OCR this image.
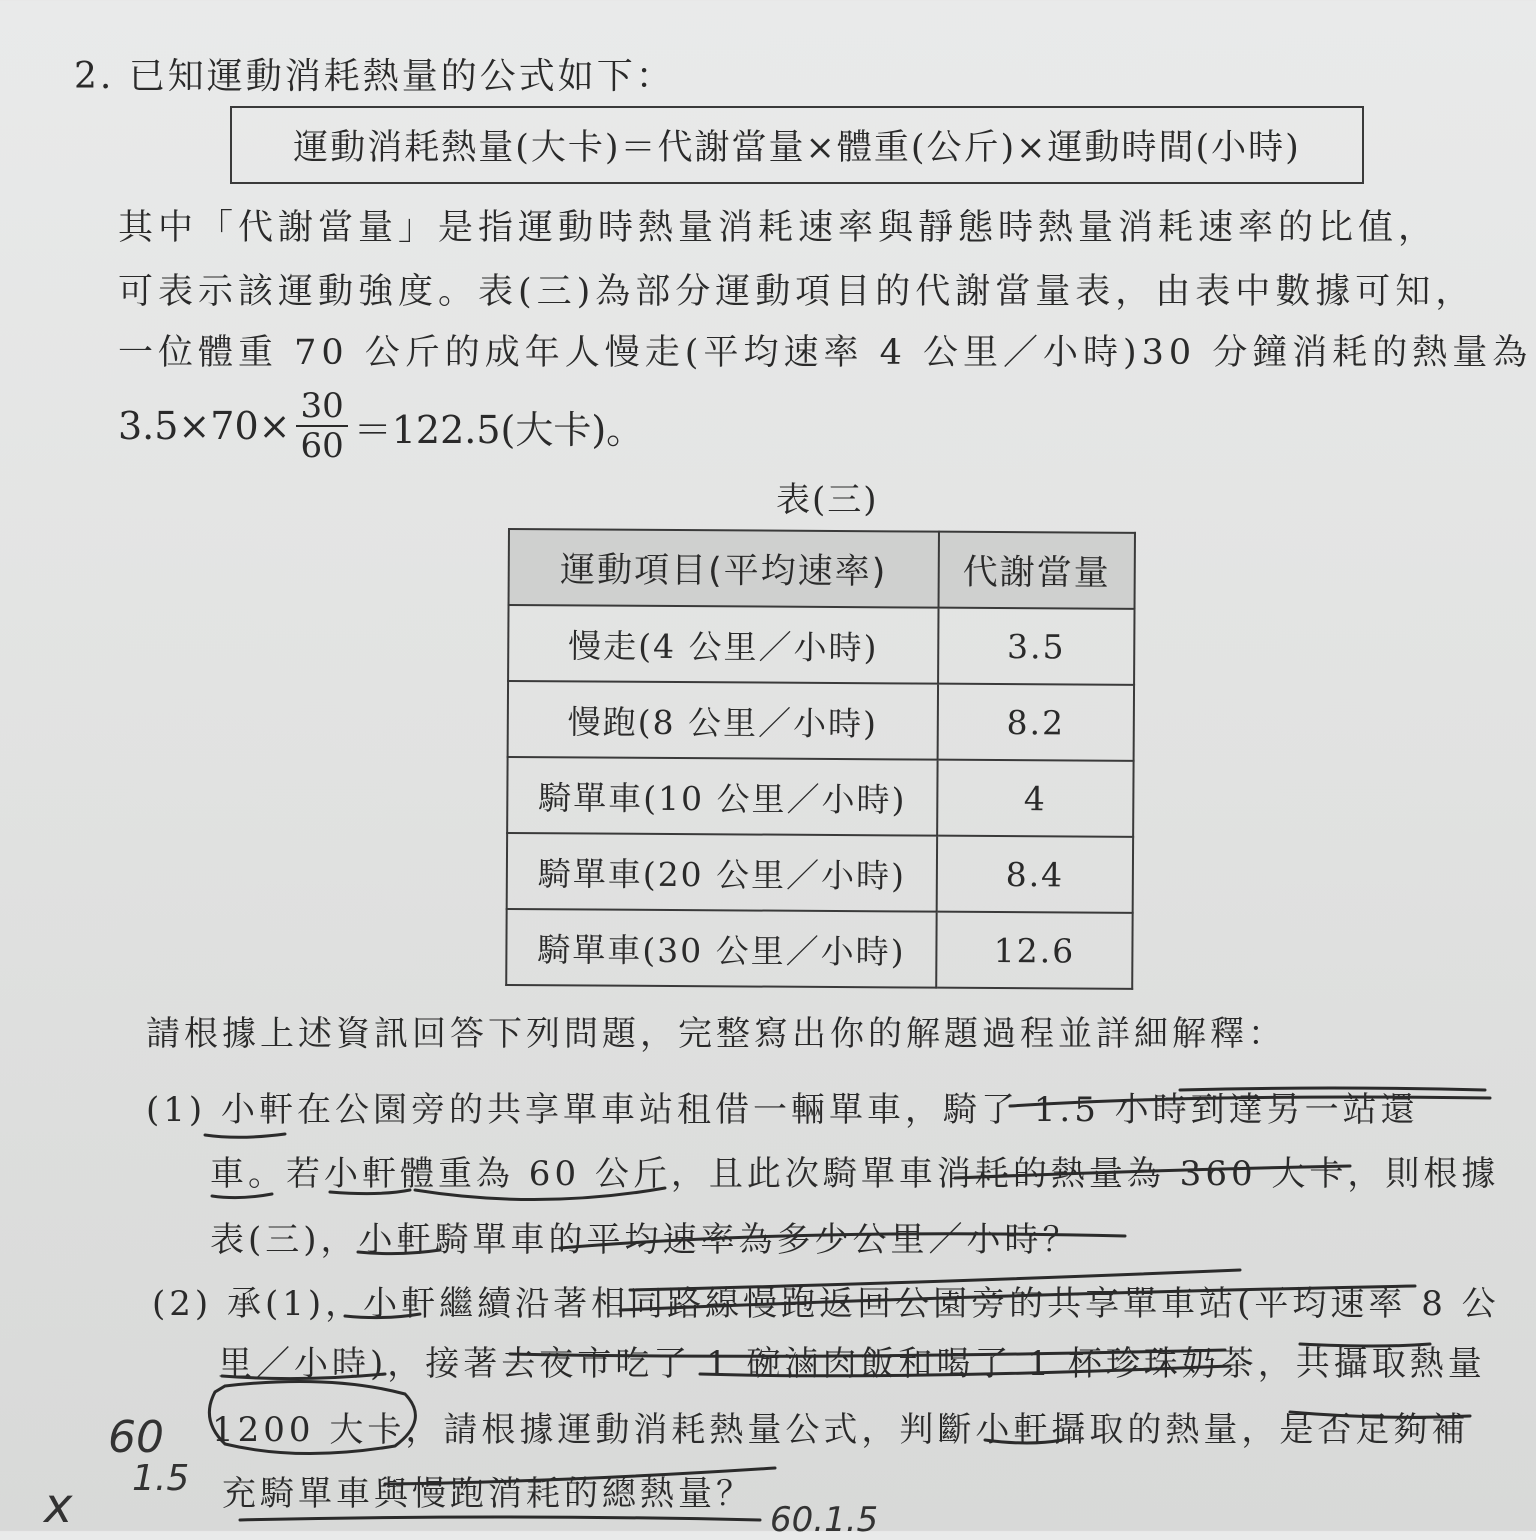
2. 已知運動消耗熱量的公式如下：
運動消耗熱量(大卡)＝代謝當量×體重(公斤)×運動時間(小時)
其中「代謝當量」是指運動時熱量消耗速率與靜態時熱量消耗速率的比值，
可表示該運動強度。表(三)為部分運動項目的代謝當量表，由表中數據可知，
一位體重 70 公斤的成年人慢走(平均速率 4 公里／小時)30 分鐘消耗的熱量為
$3.5\times 70\times \frac{30}{60} =122.5$(大卡)。
表(三)
運動項目(平均速率)	代謝當量
慢走(4 公里／小時)	3.5
慢跑(8 公里／小時)	8.2
騎單車(10 公里／小時)	4
騎單車(20 公里／小時)	8.4
騎單車(30 公里／小時)	12.6
請根據上述資訊回答下列問題，完整寫出你的解題過程並詳細解釋：
(1) 小軒在公園旁的共享單車站租借一輛單車，騎了 1.5 小時到達另一站還
車。若小軒體重為 60 公斤，且此次騎單車消耗的熱量為 360 大卡，則根據
表(三)，小軒騎單車的平均速率為多少公里／小時？
(2) 承(1)，小軒繼續沿著相同路線慢跑返回公園旁的共享單車站(平均速率 8 公
里／小時)，接著去夜市吃了 1 碗滷肉飯和喝了 1 杯珍珠奶茶，共攝取熱量
1200 大卡，請根據運動消耗熱量公式，判斷小軒攝取的熱量，是否足夠補
充騎單車與慢跑消耗的總熱量？
60
1.5
x	60.1.5
